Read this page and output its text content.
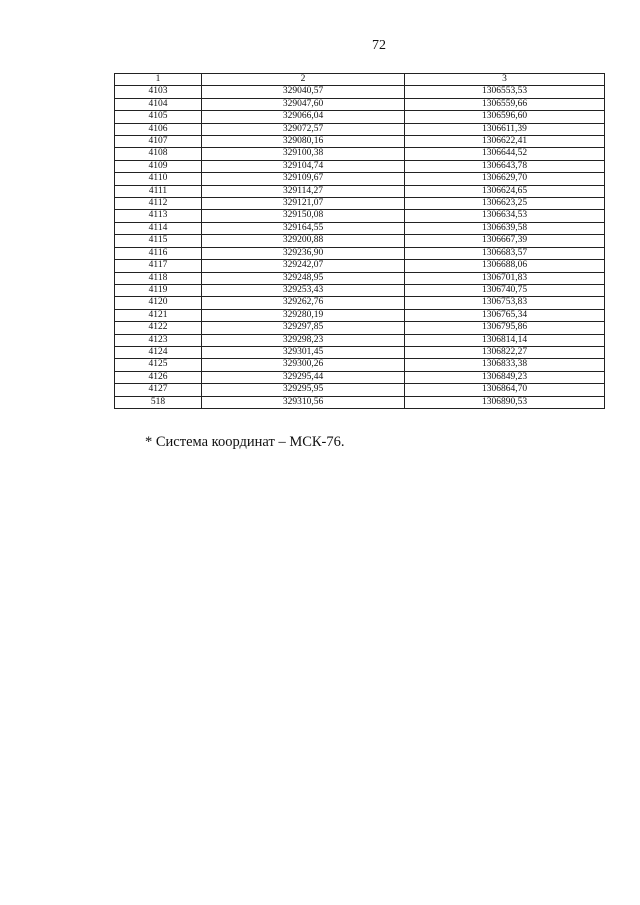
72
1	2	3
4103	329040,57	1306553,53
4104	329047,60	1306559,66
4105	329066,04	1306596,60
4106	329072,57	1306611,39
4107	329080,16	1306622,41
4108	329100,38	1306644,52
4109	329104,74	1306643,78
4110	329109,67	1306629,70
4111	329114,27	1306624,65
4112	329121,07	1306623,25
4113	329150,08	1306634,53
4114	329164,55	1306639,58
4115	329200,88	1306667,39
4116	329236,90	1306683,57
4117	329242,07	1306688,06
4118	329248,95	1306701,83
4119	329253,43	1306740,75
4120	329262,76	1306753,83
4121	329280,19	1306765,34
4122	329297,85	1306795,86
4123	329298,23	1306814,14
4124	329301,45	1306822,27
4125	329300,26	1306833,38
4126	329295,44	1306849,23
4127	329295,95	1306864,70
518	329310,56	1306890,53
* Система координат – МСК-76.
